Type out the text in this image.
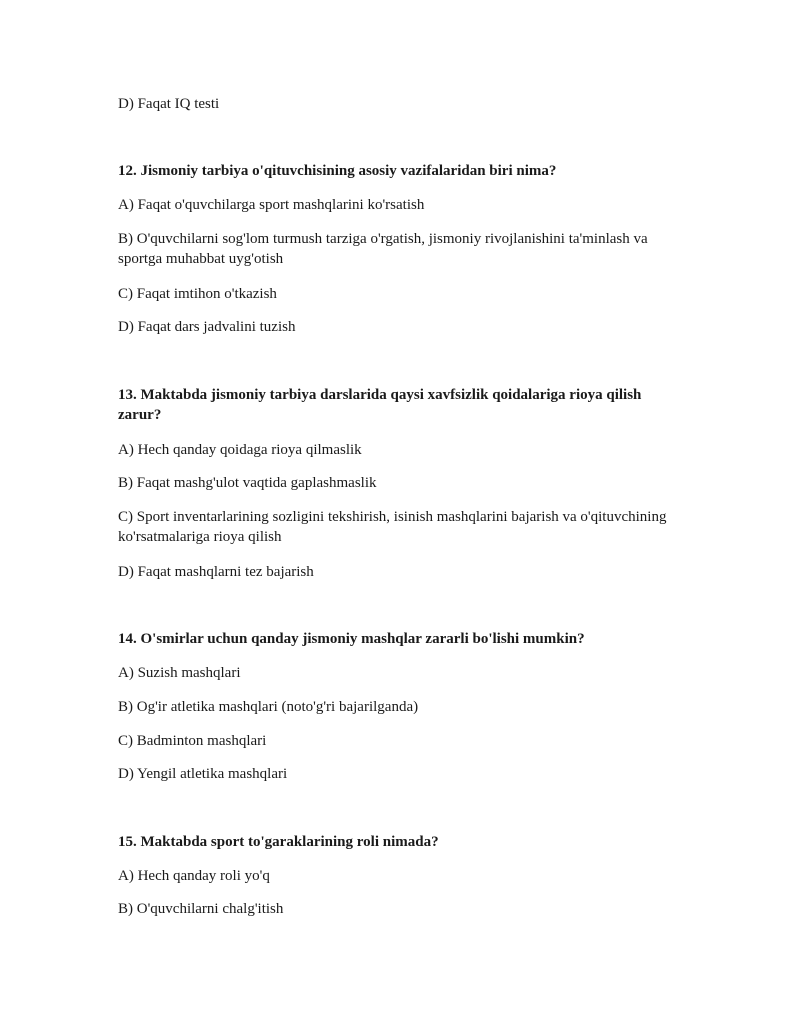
D) Faqat IQ testi
12. Jismoniy tarbiya o'qituvchisining asosiy vazifalaridan biri nima?
A) Faqat o'quvchilarga sport mashqlarini ko'rsatish
B) O'quvchilarni sog'lom turmush tarziga o'rgatish, jismoniy rivojlanishini ta'minlash va sportga muhabbat uyg'otish
C) Faqat imtihon o'tkazish
D) Faqat dars jadvalini tuzish
13. Maktabda jismoniy tarbiya darslarida qaysi xavfsizlik qoidalariga rioya qilish zarur?
A) Hech qanday qoidaga rioya qilmaslik
B) Faqat mashg'ulot vaqtida gaplashmaslik
C) Sport inventarlarining sozligini tekshirish, isinish mashqlarini bajarish va o'qituvchining ko'rsatmalariga rioya qilish
D) Faqat mashqlarni tez bajarish
14. O'smirlar uchun qanday jismoniy mashqlar zararli bo'lishi mumkin?
A) Suzish mashqlari
B) Og'ir atletika mashqlari (noto'g'ri bajarilganda)
C) Badminton mashqlari
D) Yengil atletika mashqlari
15. Maktabda sport to'garaklarining roli nimada?
A) Hech qanday roli yo'q
B) O'quvchilarni chalg'itish
